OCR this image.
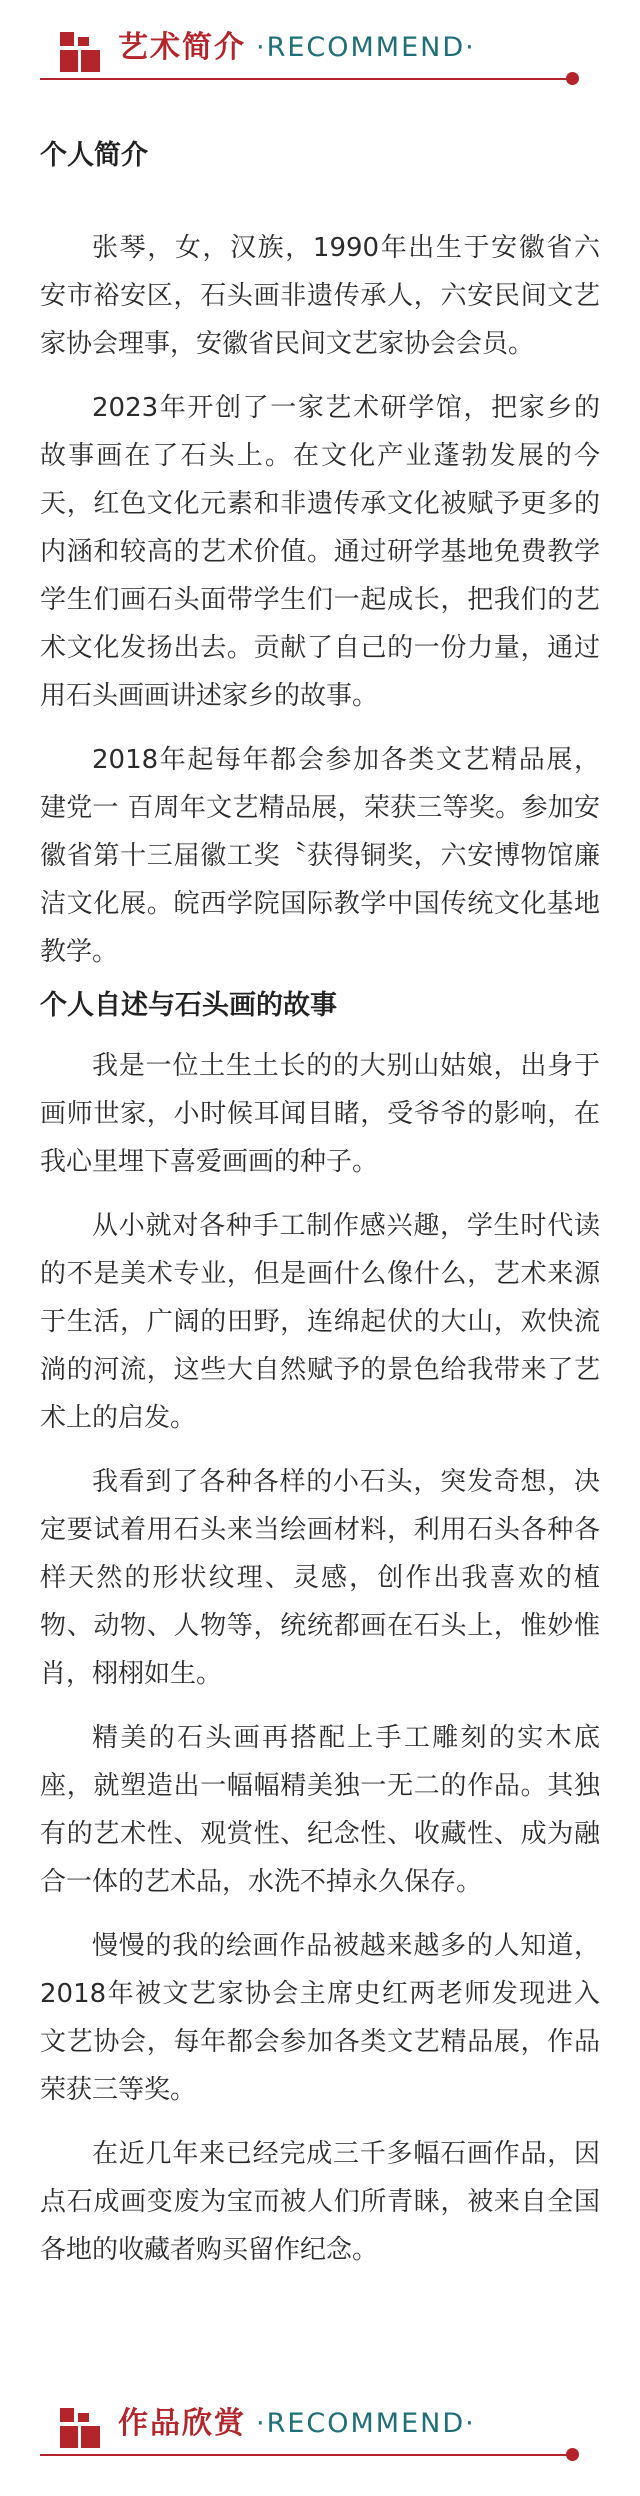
艺术简介 ·RECOMMEND·
个人简介

张琴，女，汉族，1990年出生于安徽省六安市裕安区，石头画非遗传承人，六安民间文艺家协会理事，安徽省民间文艺家协会会员。

2023年开创了一家艺术研学馆，把家乡的故事画在了石头上。在文化产业蓬勃发展的今天，红色文化元素和非遗传承文化被赋予更多的内涵和较高的艺术价值。通过研学基地免费教学学生们画石头面带学生们一起成长，把我们的艺术文化发扬出去。贡献了自己的一份力量，通过用石头画画讲述家乡的故事。

2018年起每年都会参加各类文艺精品展，建党一 百周年文艺精品展，荣获三等奖。参加安徽省第十三届徽工奖〝获得铜奖，六安博物馆廉洁文化展。皖西学院国际教学中国传统文化基地教学。

个人自述与石头画的故事

我是一位土生土长的的大别山姑娘，出身于画师世家，小时候耳闻目睹，受爷爷的影响，在我心里埋下喜爱画画的种子。

从小就对各种手工制作感兴趣，学生时代读的不是美术专业，但是画什么像什么，艺术来源于生活，广阔的田野，连绵起伏的大山，欢快流淌的河流，这些大自然赋予的景色给我带来了艺术上的启发。

我看到了各种各样的小石头，突发奇想，决定要试着用石头来当绘画材料，利用石头各种各样天然的形状纹理、灵感，创作出我喜欢的植物、动物、人物等，统统都画在石头上，惟妙惟肖，栩栩如生。

精美的石头画再搭配上手工雕刻的实木底座，就塑造出一幅幅精美独一无二的作品。其独有的艺术性、观赏性、纪念性、收藏性、成为融合一体的艺术品，水洗不掉永久保存。

慢慢的我的绘画作品被越来越多的人知道，2018年被文艺家协会主席史红两老师发现进入文艺协会，每年都会参加各类文艺精品展，作品荣获三等奖。

在近几年来已经完成三千多幅石画作品，因点石成画变废为宝而被人们所青睐，被来自全国各地的收藏者购买留作纪念。

作品欣赏 ·RECOMMEND·
